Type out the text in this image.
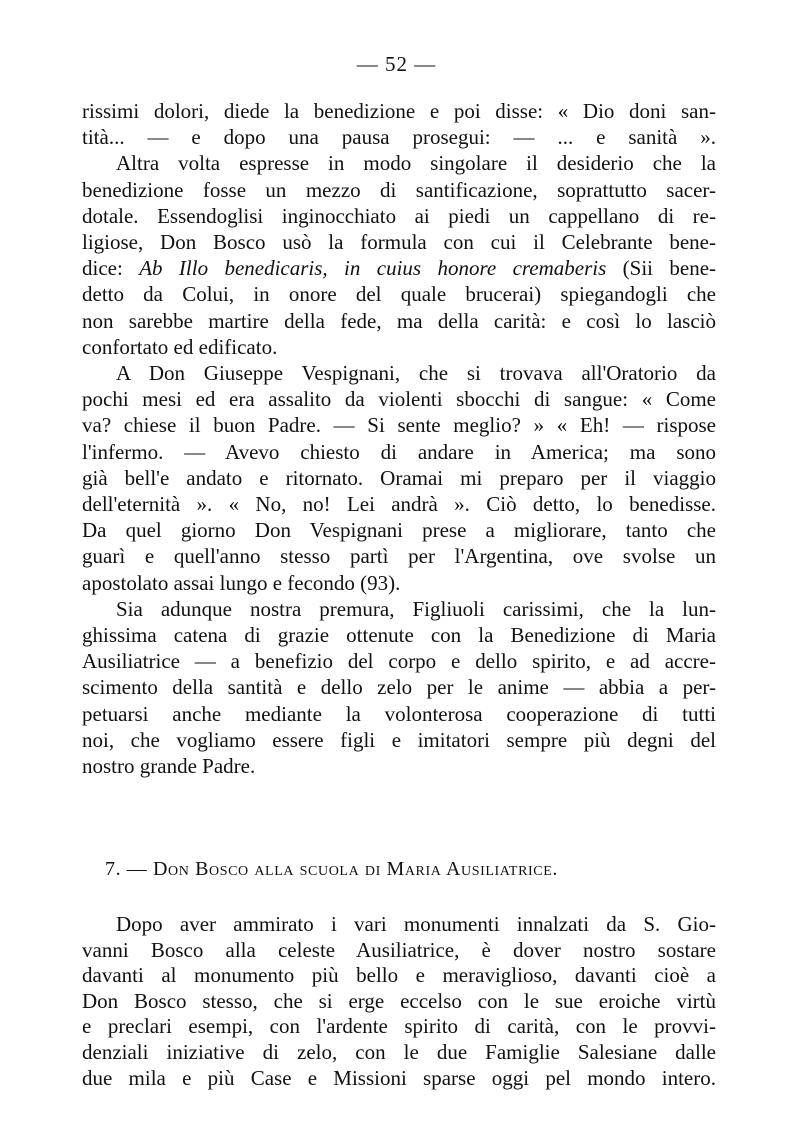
— 52 —
rissimi dolori, diede la benedizione e poi disse: « Dio doni san-
tità... — e dopo una pausa prosegui: — ... e sanità ».
Altra volta espresse in modo singolare il desiderio che la
benedizione fosse un mezzo di santificazione, soprattutto sacer-
dotale. Essendoglisi inginocchiato ai piedi un cappellano di re-
ligiose, Don Bosco usò la formula con cui il Celebrante bene-
dice: Ab Illo benedicaris, in cuius honore cremaberis (Sii bene-
detto da Colui, in onore del quale brucerai) spiegandogli che
non sarebbe martire della fede, ma della carità: e così lo lasciò
confortato ed edificato.
A Don Giuseppe Vespignani, che si trovava all'Oratorio da
pochi mesi ed era assalito da violenti sbocchi di sangue: « Come
va? chiese il buon Padre. — Si sente meglio? » « Eh! — rispose
l'infermo. — Avevo chiesto di andare in America; ma sono
già bell'e andato e ritornato. Oramai mi preparo per il viaggio
dell'eternità ». « No, no! Lei andrà ». Ciò detto, lo benedisse.
Da quel giorno Don Vespignani prese a migliorare, tanto che
guarì e quell'anno stesso partì per l'Argentina, ove svolse un
apostolato assai lungo e fecondo (93).
Sia adunque nostra premura, Figliuoli carissimi, che la lun-
ghissima catena di grazie ottenute con la Benedizione di Maria
Ausiliatrice — a benefizio del corpo e dello spirito, e ad accre-
scimento della santità e dello zelo per le anime — abbia a per-
petuarsi anche mediante la volonterosa cooperazione di tutti
noi, che vogliamo essere figli e imitatori sempre più degni del
nostro grande Padre.
7. — Don Bosco alla scuola di Maria Ausiliatrice.
Dopo aver ammirato i vari monumenti innalzati da S. Gio-
vanni Bosco alla celeste Ausiliatrice, è dover nostro sostare
davanti al monumento più bello e meraviglioso, davanti cioè a
Don Bosco stesso, che si erge eccelso con le sue eroiche virtù
e preclari esempi, con l'ardente spirito di carità, con le provvi-
denziali iniziative di zelo, con le due Famiglie Salesiane dalle
due mila e più Case e Missioni sparse oggi pel mondo intero.
